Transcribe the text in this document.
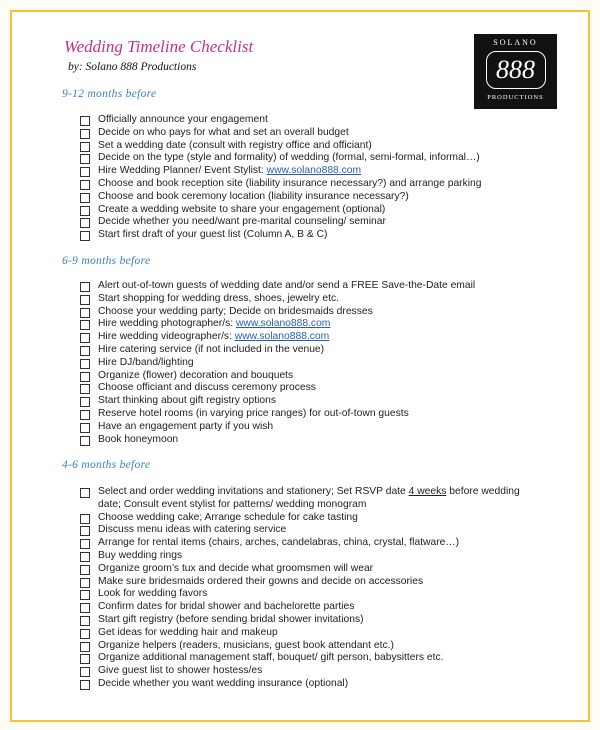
Wedding Timeline Checklist
by: Solano 888 Productions
SOLANO
888
PRODUCTIONS
9-12 months before
Officially announce your engagement
Decide on who pays for what and set an overall budget
Set a wedding date (consult with registry office and officiant)
Decide on the type (style and formality) of wedding (formal, semi-formal, informal…)
Hire Wedding Planner/ Event Stylist: www.solano888.com
Choose and book reception site (liability insurance necessary?) and arrange parking
Choose and book ceremony location (liability insurance necessary?)
Create a wedding website to share your engagement (optional)
Decide whether you need/want pre-marital counseling/ seminar
Start first draft of your guest list (Column A, B & C)
6-9 months before
Alert out-of-town guests of wedding date and/or send a FREE Save-the-Date email
Start shopping for wedding dress, shoes, jewelry etc.
Choose your wedding party; Decide on bridesmaids dresses
Hire wedding photographer/s: www.solano888.com
Hire wedding videographer/s: www.solano888.com
Hire catering service (if not included in the venue)
Hire DJ/band/lighting
Organize (flower) decoration and bouquets
Choose officiant and discuss ceremony process
Start thinking about gift registry options
Reserve hotel rooms (in varying price ranges) for out-of-town guests
Have an engagement party if you wish
Book honeymoon
4-6 months before
Select and order wedding invitations and stationery; Set RSVP date 4 weeks before wedding date; Consult event stylist for patterns/ wedding monogram
Choose wedding cake; Arrange schedule for cake tasting
Discuss menu ideas with catering service
Arrange for rental items (chairs, arches, candelabras, china, crystal, flatware…)
Buy wedding rings
Organize groom’s tux and decide what groomsmen will wear
Make sure bridesmaids ordered their gowns and decide on accessories
Look for wedding favors
Confirm dates for bridal shower and bachelorette parties
Start gift registry (before sending bridal shower invitations)
Get ideas for wedding hair and makeup
Organize helpers (readers, musicians, guest book attendant etc.)
Organize additional management staff, bouquet/ gift person, babysitters etc.
Give guest list to shower hostess/es
Decide whether you want wedding insurance (optional)
